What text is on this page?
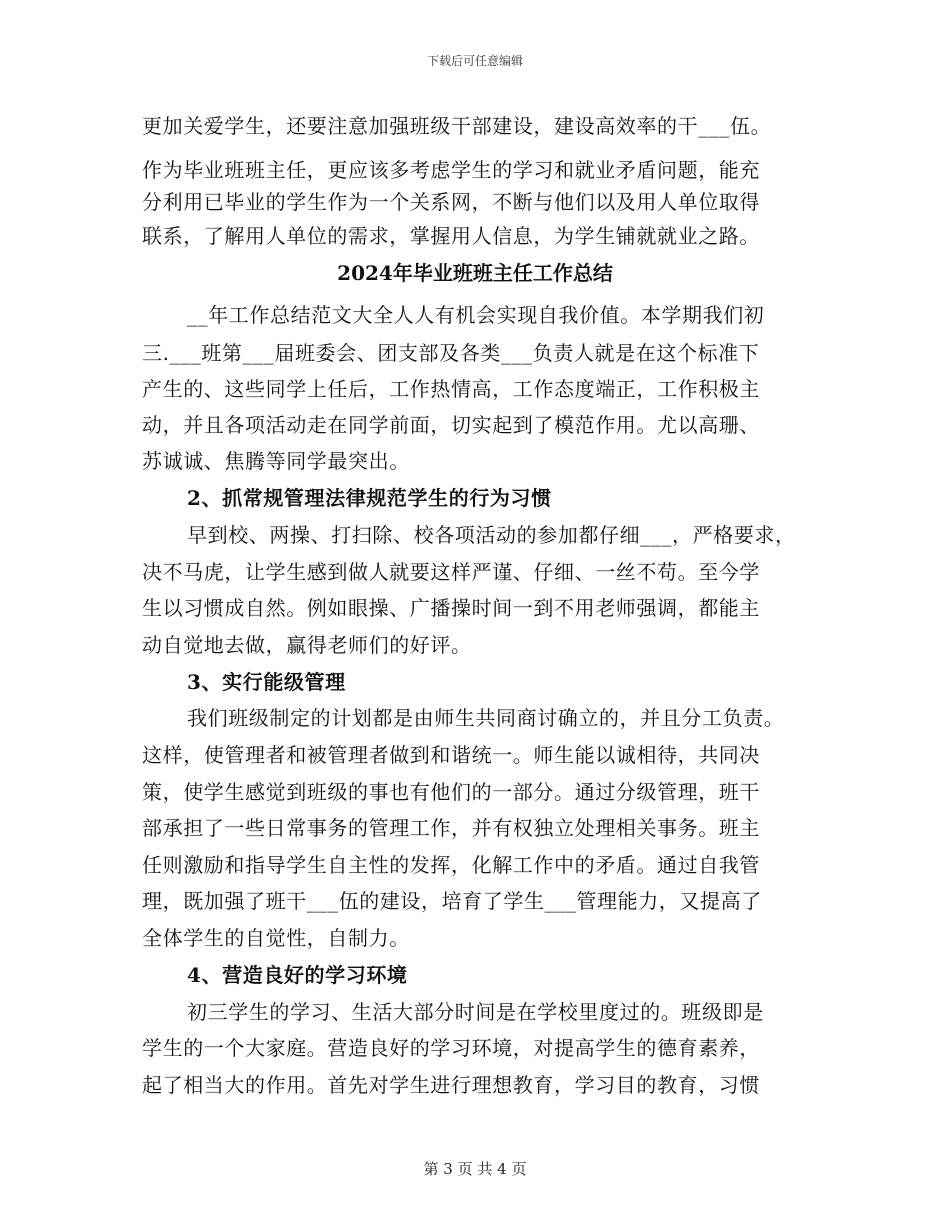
下载后可任意编辑
更加关爱学生，还要注意加强班级干部建设，建设高效率的干___伍。
作为毕业班班主任，更应该多考虑学生的学习和就业矛盾问题，能充
分利用已毕业的学生作为一个关系网，不断与他们以及用人单位取得
联系，了解用人单位的需求，掌握用人信息，为学生铺就就业之路。
2024年毕业班班主任工作总结
__年工作总结范文大全人人有机会实现自我价值。本学期我们初
三.___班第___届班委会、团支部及各类___负责人就是在这个标准下
产生的、这些同学上任后，工作热情高，工作态度端正，工作积极主
动，并且各项活动走在同学前面，切实起到了模范作用。尤以高珊、
苏诚诚、焦腾等同学最突出。
2、抓常规管理法律规范学生的行为习惯
早到校、两操、打扫除、校各项活动的参加都仔细___，严格要求，
决不马虎，让学生感到做人就要这样严谨、仔细、一丝不苟。至今学
生以习惯成自然。例如眼操、广播操时间一到不用老师强调，都能主
动自觉地去做，赢得老师们的好评。
3、实行能级管理
我们班级制定的计划都是由师生共同商讨确立的，并且分工负责。
这样，使管理者和被管理者做到和谐统一。师生能以诚相待，共同决
策，使学生感觉到班级的事也有他们的一部分。通过分级管理，班干
部承担了一些日常事务的管理工作，并有权独立处理相关事务。班主
任则激励和指导学生自主性的发挥，化解工作中的矛盾。通过自我管
理，既加强了班干___伍的建设，培育了学生___管理能力，又提高了
全体学生的自觉性，自制力。
4、营造良好的学习环境
初三学生的学习、生活大部分时间是在学校里度过的。班级即是
学生的一个大家庭。营造良好的学习环境，对提高学生的德育素养，
起了相当大的作用。首先对学生进行理想教育，学习目的教育，习惯
第 3 页 共 4 页
